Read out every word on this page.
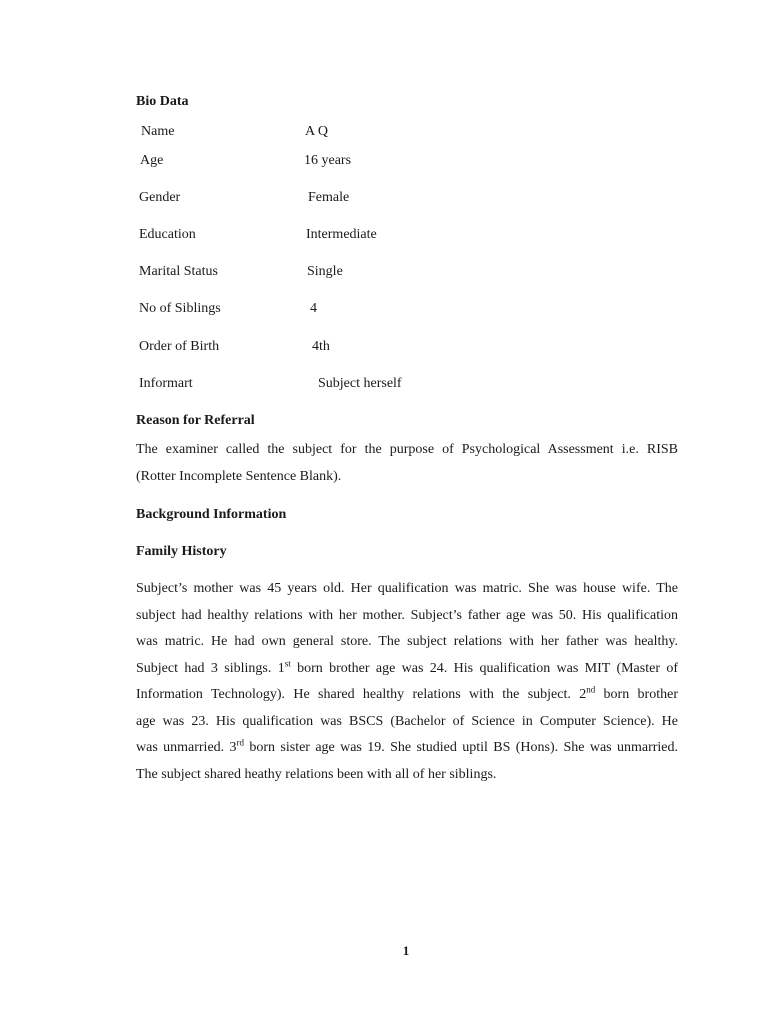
Bio Data
Name	A Q
Age	16 years
Gender	Female
Education	Intermediate
Marital Status	Single
No of Siblings	4
Order of Birth	4th
Informart	Subject herself
Reason for Referral
The examiner called the subject for the purpose of Psychological Assessment i.e. RISB
(Rotter Incomplete Sentence Blank).
Background Information
Family History
Subject’s mother was 45 years old. Her qualification was matric. She was house wife. The
subject had healthy relations with her mother. Subject’s father age was 50. His qualification
was matric. He had own general store. The subject relations with her father was healthy.
Subject had 3 siblings. 1st born brother age was 24. His qualification was MIT (Master of
Information Technology). He shared healthy relations with the subject. 2nd born brother
age was 23. His qualification was BSCS (Bachelor of Science in Computer Science). He
was unmarried. 3rd born sister age was 19. She studied uptil BS (Hons). She was unmarried.
The subject shared heathy relations been with all of her siblings.
1
